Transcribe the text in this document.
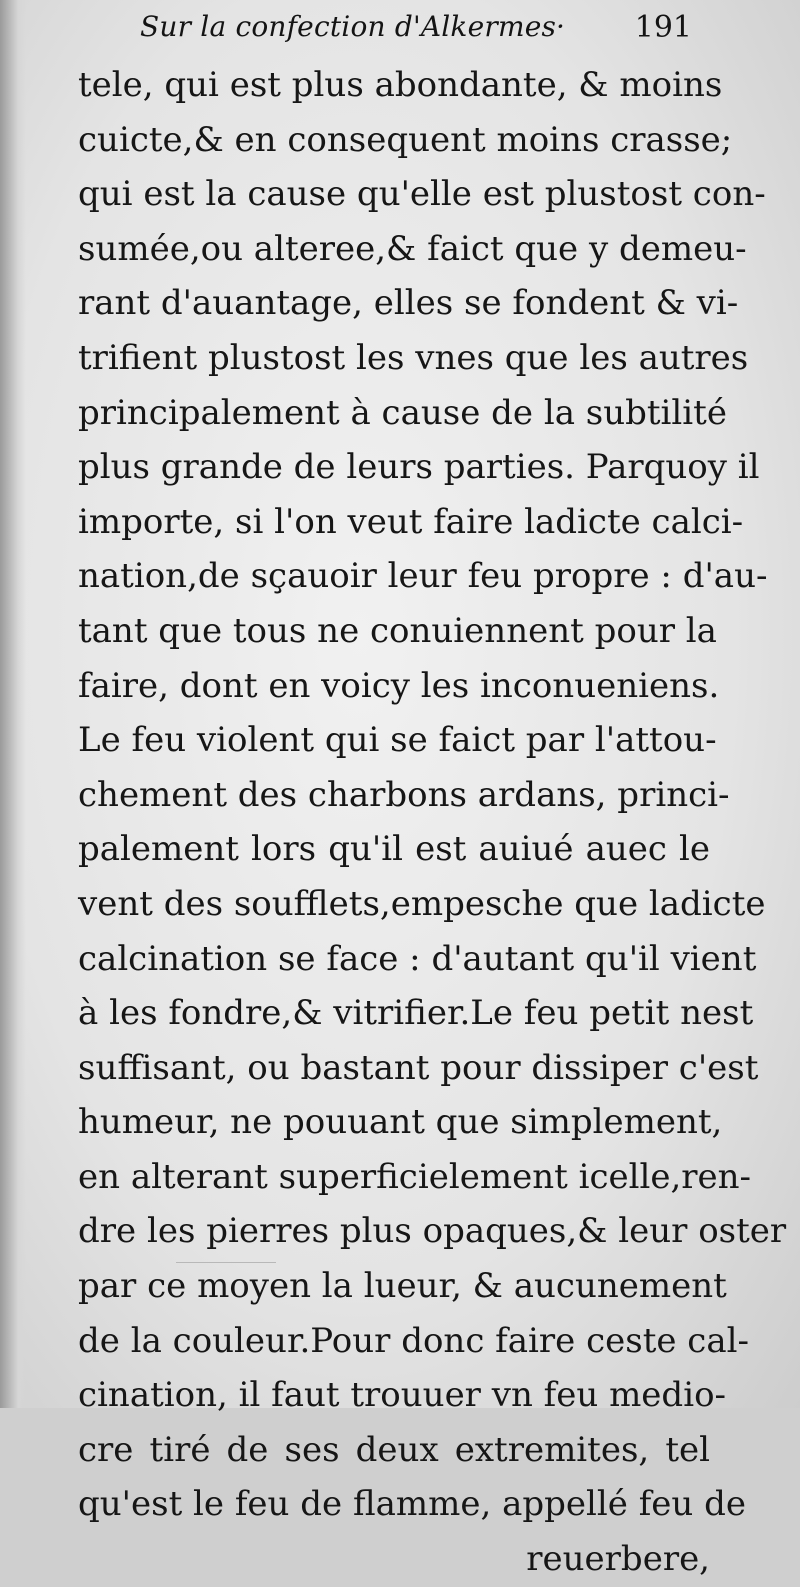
Sur la confection d'Alkermes· 191
tele, qui est plus abondante, & moins
cuicte,& en consequent moins crasse;
qui est la cause qu'elle est plustost con-
sumée,ou alteree,& faict que y demeu-
rant d'auantage, elles se fondent & vi-
trifient plustost les vnes que les autres
principalement à cause de la subtilité
plus grande de leurs parties. Parquoy il
importe, si l'on veut faire ladicte calci-
nation,de sçauoir leur feu propre : d'au-
tant que tous ne conuiennent pour la
faire, dont en voicy les inconueniens.
Le feu violent qui se faict par l'attou-
chement des charbons ardans, princi-
palement lors qu'il est auiué auec le
vent des soufflets,empesche que ladicte
calcination se face : d'autant qu'il vient
à les fondre,& vitrifier.Le feu petit nest
suffisant, ou bastant pour dissiper c'est
humeur, ne pouuant que simplement,
en alterant superficielement icelle,ren-
dre les pierres plus opaques,& leur oster
par ce moyen la lueur, & aucunement
de la couleur.Pour donc faire ceste cal-
cination, il faut trouuer vn feu medio-
cre tiré de ses deux extremites, tel
qu'est le feu de flamme, appellé feu de
reuerbere,
